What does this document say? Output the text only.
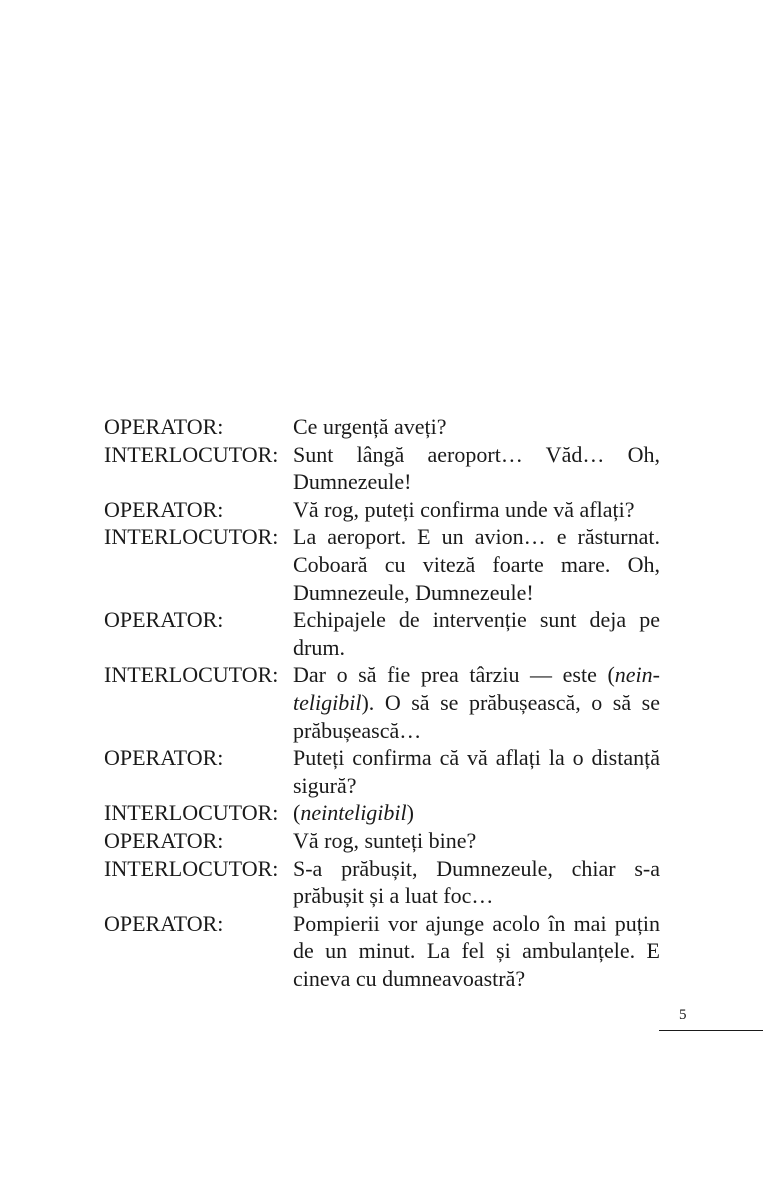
OPERATOR:	Ce urgență aveți?
INTERLOCUTOR: Sunt lângă aeroport… Văd… Oh, Dumnezeule!
OPERATOR:	Vă rog, puteți confirma unde vă aflați?
INTERLOCUTOR: La aeroport. E un avion… e răsturnat. Coboară cu viteză foarte mare. Oh, Dumnezeule, Dumnezeule!
OPERATOR:	Echipajele de intervenție sunt deja pe drum.
INTERLOCUTOR: Dar o să fie prea târziu — este (neinteligibil). O să se prăbușească, o să se prăbușească…
OPERATOR:	Puteți confirma că vă aflați la o distanță sigură?
INTERLOCUTOR: (neinteligibil)
OPERATOR:	Vă rog, sunteți bine?
INTERLOCUTOR: S-a prăbușit, Dumnezeule, chiar s-a prăbușit și a luat foc…
OPERATOR:	Pompierii vor ajunge acolo în mai puțin de un minut. La fel și ambulanțele. E cineva cu dumneavoastră?
5
